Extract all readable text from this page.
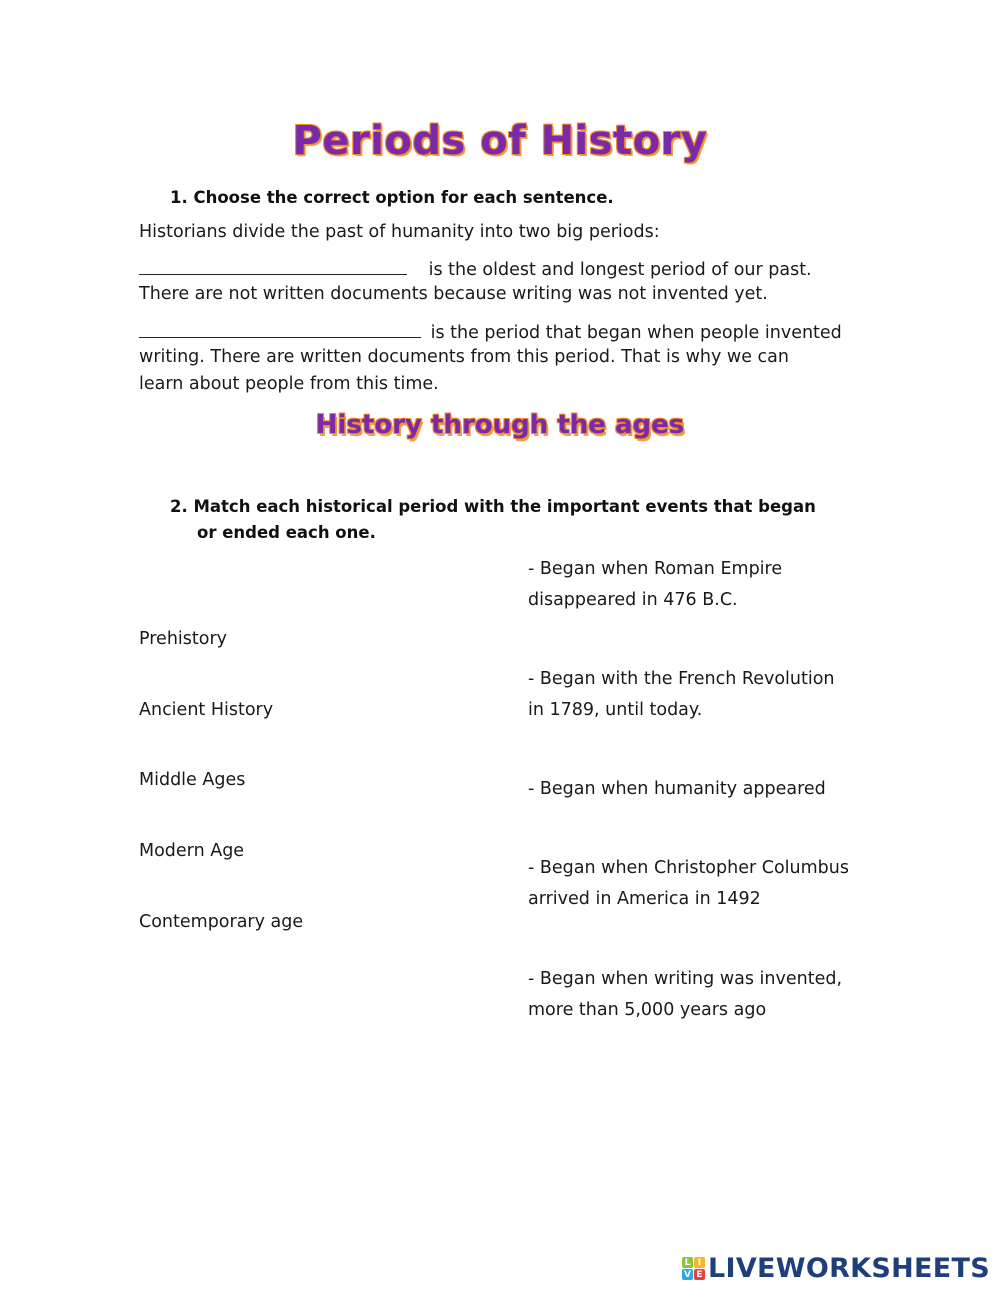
Periods of History
1. Choose the correct option for each sentence.
Historians divide the past of humanity into two big periods:
is the oldest and longest period of our past.
There are not written documents because writing was not invented yet.
is the period that began when people invented
writing. There are written documents from this period. That is why we can
learn about people from this time.
History through the ages
2. Match each historical period with the important events that began
or ended each one.
Prehistory
Ancient History
Middle Ages
Modern Age
Contemporary age
- Began when Roman Empire
disappeared in 476 B.C.
- Began with the French Revolution
in 1789, until today.
- Began when humanity appeared
- Began when Christopher Columbus
arrived in America in 1492
- Began when writing was invented,
more than 5,000 years ago
L I
V E LIVEWORKSHEETS
